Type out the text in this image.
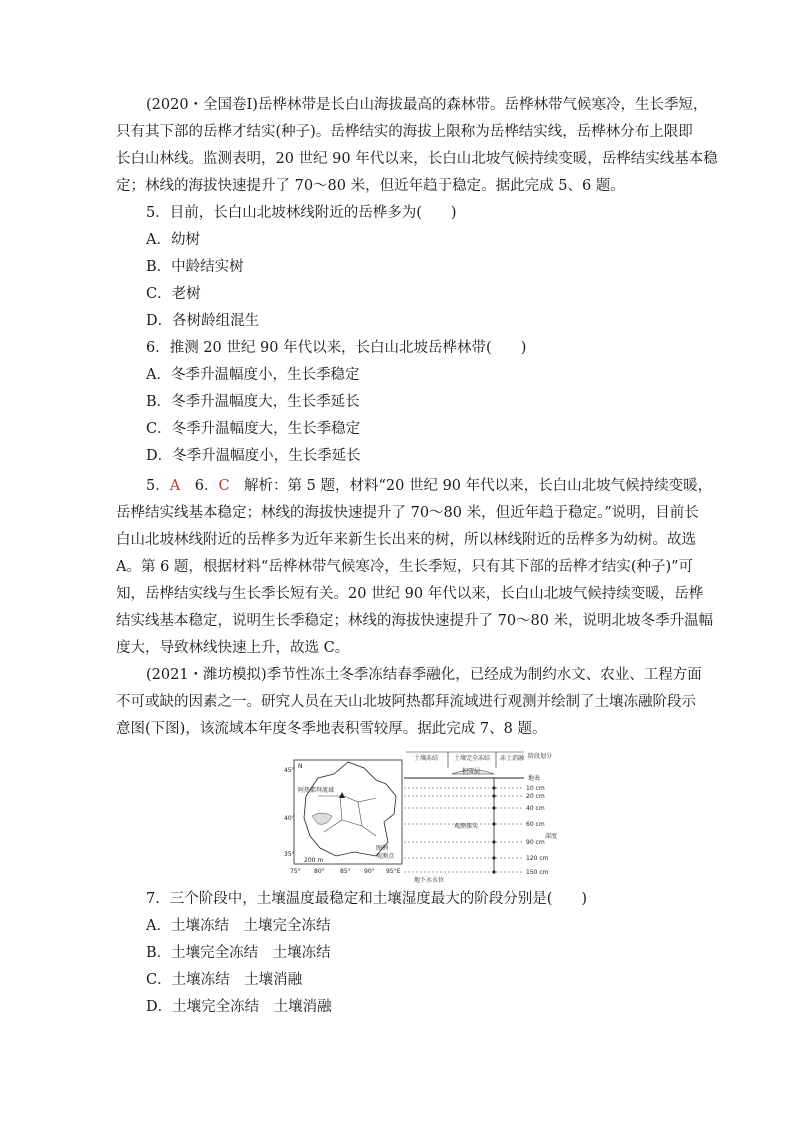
(2020・全国卷Ⅰ)岳桦林带是长白山海拔最高的森林带。岳桦林带气候寒冷，生长季短，
只有其下部的岳桦才结实(种子)。岳桦结实的海拔上限称为岳桦结实线，岳桦林分布上限即
长白山林线。监测表明，20 世纪 90 年代以来，长白山北坡气候持续变暖，岳桦结实线基本稳
定；林线的海拔快速提升了 70～80 米，但近年趋于稳定。据此完成 5、6 题。
5．目前，长白山北坡林线附近的岳桦多为(　　)
A．幼树
B．中龄结实树
C．老树
D．各树龄组混生
6．推测 20 世纪 90 年代以来，长白山北坡岳桦林带(　　)
A．冬季升温幅度小，生长季稳定
B．冬季升温幅度大，生长季延长
C．冬季升温幅度大，生长季稳定
D．冬季升温幅度小，生长季延长
5．A　6．C　解析：第 5 题，材料“20 世纪 90 年代以来，长白山北坡气候持续变暖，
岳桦结实线基本稳定；林线的海拔快速提升了 70～80 米，但近年趋于稳定。”说明，目前长
白山北坡林线附近的岳桦多为近年来新生长出来的树，所以林线附近的岳桦多为幼树。故选
A。第 6 题，根据材料“岳桦林带气候寒冷，生长季短，只有其下部的岳桦才结实(种子)”可
知，岳桦结实线与生长季长短有关。20 世纪 90 年代以来，长白山北坡气候持续变暖，岳桦
结实线基本稳定，说明生长季稳定；林线的海拔快速提升了 70～80 米，说明北坡冬季升温幅
度大，导致林线快速上升，故选 C。
(2021・潍坊模拟)季节性冻土冬季冻结春季融化，已经成为制约水文、农业、工程方面
不可或缺的因素之一。研究人员在天山北坡阿热都拜流域进行观测并绘制了土壤冻融阶段示
意图(下图)，该流域本年度冬季地表积雪较厚。据此完成 7、8 题。
N
45°
40°
35°
阿热都拜流域
200 m
图例
观测点
75° 80°	85° 90° 95°E
土壤冻结	土壤完全冻结 冻土消融 阶段划分
积雪层
地表
观测探头
10 cm
20 cm
40 cm
60 cm
90 cm
120 cm
150 cm
深度
地下水水位
7．三个阶段中，土壤温度最稳定和土壤湿度最大的阶段分别是(　　)
A．土壤冻结　土壤完全冻结
B．土壤完全冻结　土壤冻结
C．土壤冻结　土壤消融
D．土壤完全冻结　土壤消融
